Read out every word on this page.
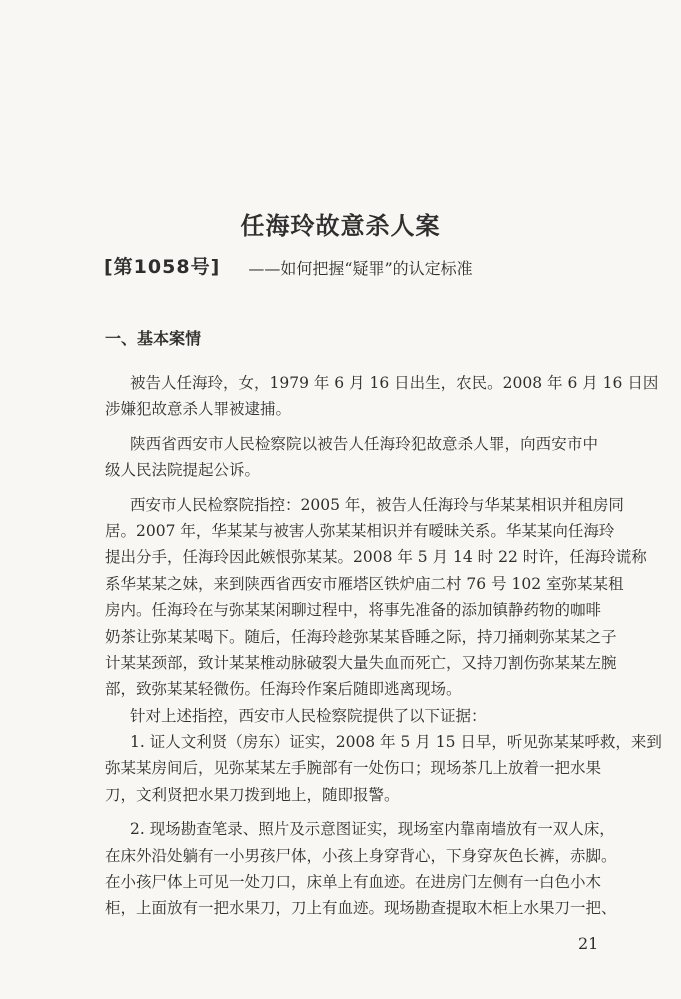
[第1058号]
任海玲故意杀人案
——如何把握“疑罪”的认定标准
一、基本案情
被告人任海玲，女，1979 年 6 月 16 日出生，农民。2008 年 6 月 16 日因
涉嫌犯故意杀人罪被逮捕。
陕西省西安市人民检察院以被告人任海玲犯故意杀人罪，向西安市中
级人民法院提起公诉。
西安市人民检察院指控：2005 年，被告人任海玲与华某某相识并租房同
居。2007 年，华某某与被害人弥某某相识并有暧昧关系。华某某向任海玲
提出分手，任海玲因此嫉恨弥某某。2008 年 5 月 14 时 22 时许，任海玲谎称
系华某某之妹，来到陕西省西安市雁塔区铁炉庙二村 76 号 102 室弥某某租
房内。任海玲在与弥某某闲聊过程中，将事先准备的添加镇静药物的咖啡
奶茶让弥某某喝下。随后，任海玲趁弥某某昏睡之际，持刀捅刺弥某某之子
计某某颈部，致计某某椎动脉破裂大量失血而死亡，又持刀割伤弥某某左腕
部，致弥某某轻微伤。任海玲作案后随即逃离现场。
针对上述指控，西安市人民检察院提供了以下证据：
1. 证人文利贤（房东）证实，2008 年 5 月 15 日早，听见弥某某呼救，来到
弥某某房间后，见弥某某左手腕部有一处伤口；现场茶几上放着一把水果
刀，文利贤把水果刀拨到地上，随即报警。
2. 现场勘查笔录、照片及示意图证实，现场室内靠南墙放有一双人床，
在床外沿处躺有一小男孩尸体，小孩上身穿背心，下身穿灰色长裤，赤脚。
在小孩尸体上可见一处刀口，床单上有血迹。在进房门左侧有一白色小木
柜，上面放有一把水果刀，刀上有血迹。现场勘查提取木柜上水果刀一把、
21
